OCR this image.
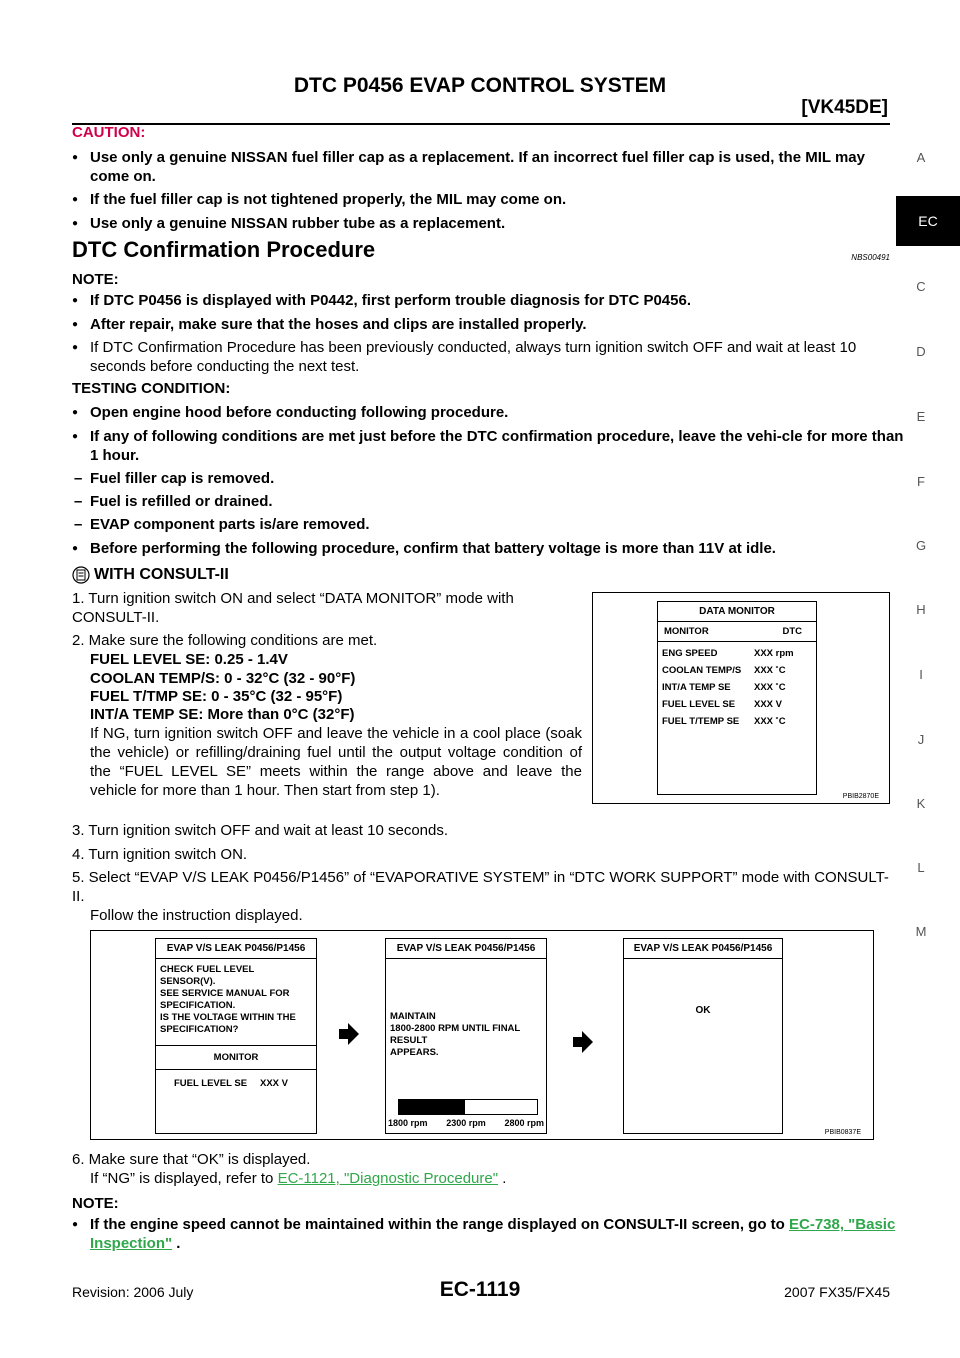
DTC P0456 EVAP CONTROL SYSTEM
[VK45DE]
A
EC
C
D
E
F
G
H
I
J
K
L
M
CAUTION:
● Use only a genuine NISSAN fuel filler cap as a replacement. If an incorrect fuel filler cap is used, the MIL may come on.
● If the fuel filler cap is not tightened properly, the MIL may come on.
● Use only a genuine NISSAN rubber tube as a replacement.
DTC Confirmation Procedure	NBS00491
NOTE:
● If DTC P0456 is displayed with P0442, first perform trouble diagnosis for DTC P0456.
● After repair, make sure that the hoses and clips are installed properly.
● If DTC Confirmation Procedure has been previously conducted, always turn ignition switch OFF and wait at least 10 seconds before conducting the next test.
TESTING CONDITION:
● Open engine hood before conducting following procedure.
● If any of following conditions are met just before the DTC confirmation procedure, leave the vehi-cle for more than 1 hour.
– Fuel filler cap is removed.
– Fuel is refilled or drained.
– EVAP component parts is/are removed.
● Before performing the following procedure, confirm that battery voltage is more than 11V at idle.
WITH CONSULT-II
1. Turn ignition switch ON and select “DATA MONITOR” mode with CONSULT-II.
2. Make sure the following conditions are met.
FUEL LEVEL SE: 0.25 - 1.4V
COOLAN TEMP/S: 0 - 32°C (32 - 90°F)
FUEL T/TMP SE: 0 - 35°C (32 - 95°F)
INT/A TEMP SE: More than 0°C (32°F)
If NG, turn ignition switch OFF and leave the vehicle in a cool place (soak the vehicle) or refilling/draining fuel until the output voltage condition of the “FUEL LEVEL SE” meets within the range above and leave the vehicle for more than 1 hour. Then start from step 1).
DATA MONITOR
MONITOR	DTC
ENG SPEED	XXX rpm
COOLAN TEMP/S	XXX ˚C
INT/A TEMP SE	XXX ˚C
FUEL LEVEL SE	XXX V
FUEL T/TEMP SE	XXX ˚C
PBIB2870E
3. Turn ignition switch OFF and wait at least 10 seconds.
4. Turn ignition switch ON.
5. Select “EVAP V/S LEAK P0456/P1456” of “EVAPORATIVE SYSTEM” in “DTC WORK SUPPORT” mode with CONSULT-II.
Follow the instruction displayed.
EVAP V/S LEAK P0456/P1456
CHECK FUEL LEVEL SENSOR(V).
SEE SERVICE MANUAL FOR
SPECIFICATION.
IS THE VOLTAGE WITHIN THE
SPECIFICATION?
MONITOR
FUEL LEVEL SE	XXX V
EVAP V/S LEAK P0456/P1456
MAINTAIN
1800-2800 RPM UNTIL FINAL RESULT
APPEARS.
1800 rpm 2300 rpm 2800 rpm
EVAP V/S LEAK P0456/P1456
OK
PBIB0837E
6. Make sure that “OK” is displayed.
If “NG” is displayed, refer to EC-1121, "Diagnostic Procedure" .
NOTE:
● If the engine speed cannot be maintained within the range displayed on CONSULT-II screen, go to EC-738, "Basic Inspection" .
Revision: 2006 July	EC-1119	2007 FX35/FX45
